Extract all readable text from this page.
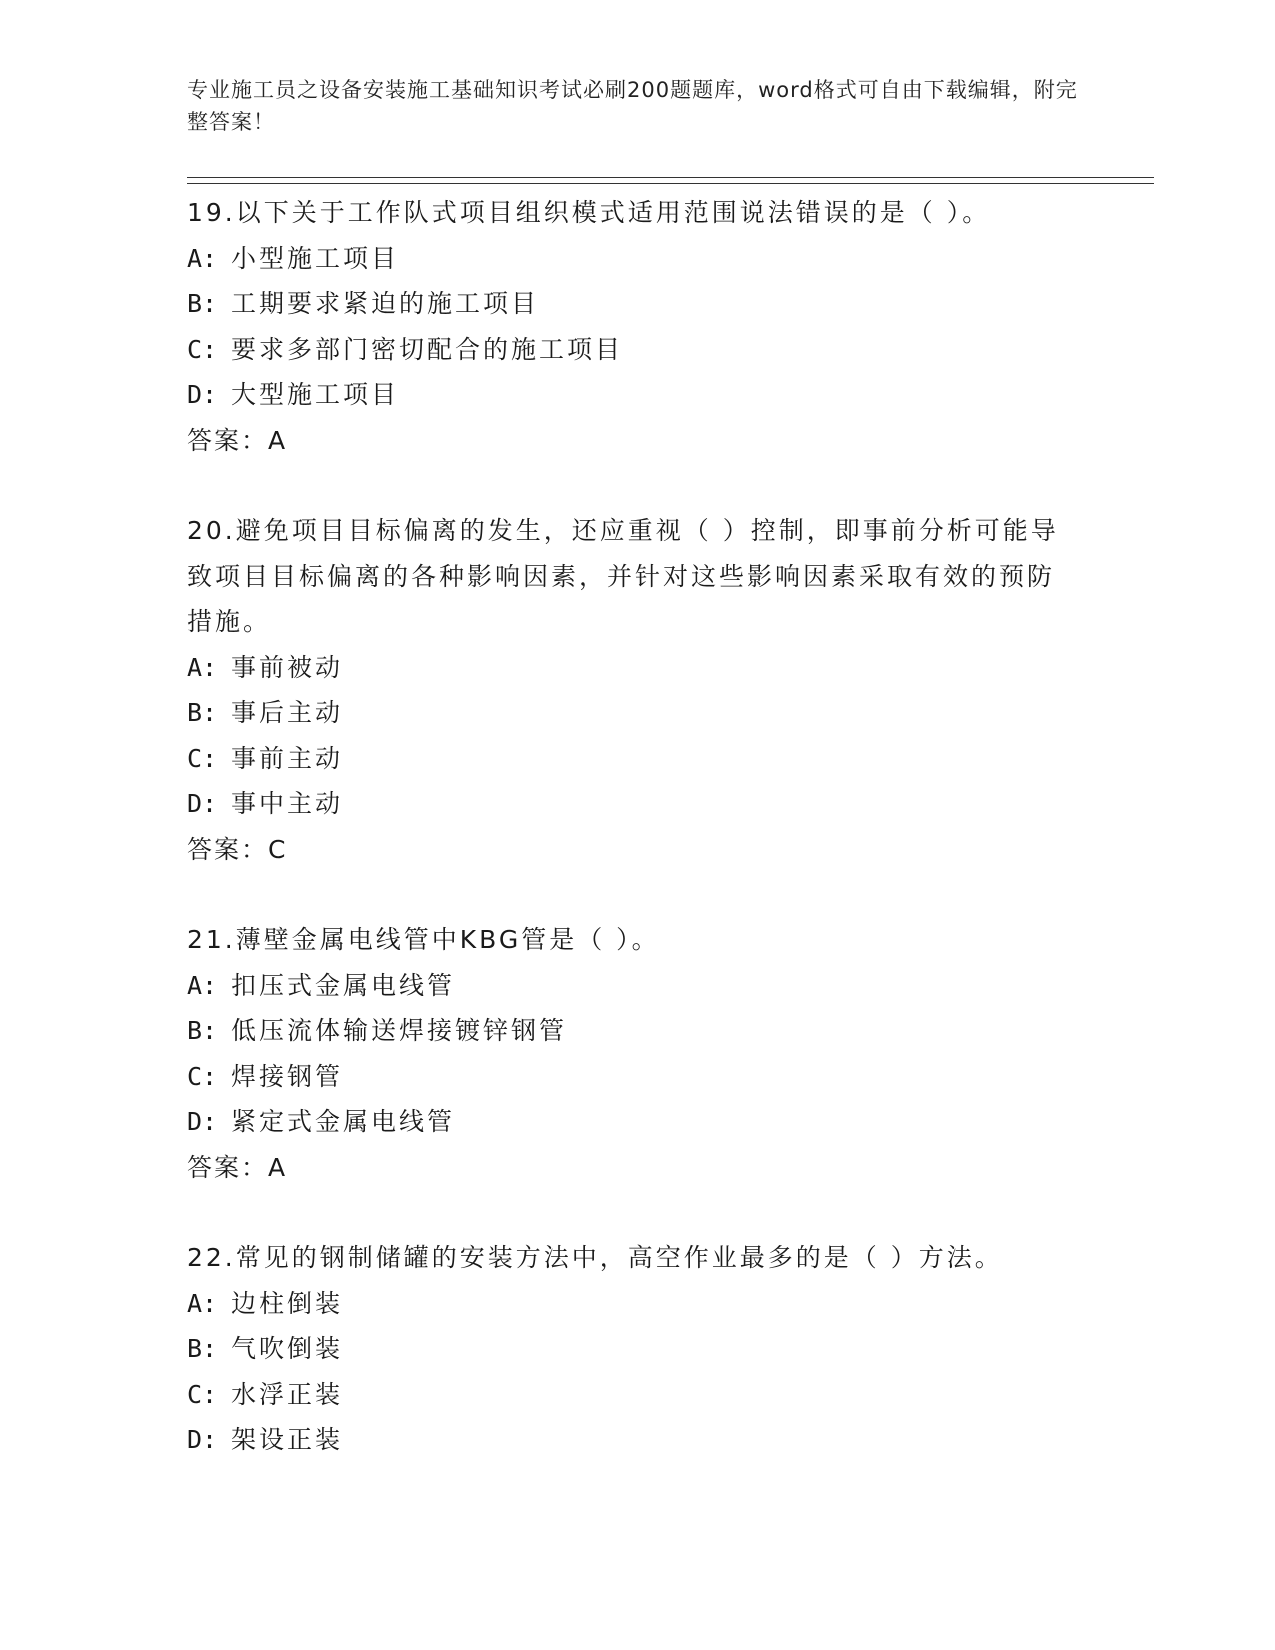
专业施工员之设备安装施工基础知识考试必刷200题题库，word格式可自由下载编辑，附完整答案！
19.以下关于工作队式项目组织模式适用范围说法错误的是（ ）。
A: 小型施工项目
B: 工期要求紧迫的施工项目
C: 要求多部门密切配合的施工项目
D: 大型施工项目
答案：A
20.避免项目目标偏离的发生，还应重视（ ）控制，即事前分析可能导致项目目标偏离的各种影响因素，并针对这些影响因素采取有效的预防措施。
A: 事前被动
B: 事后主动
C: 事前主动
D: 事中主动
答案：C
21.薄壁金属电线管中KBG管是（ ）。
A: 扣压式金属电线管
B: 低压流体输送焊接镀锌钢管
C: 焊接钢管
D: 紧定式金属电线管
答案：A
22.常见的钢制储罐的安装方法中，高空作业最多的是（ ）方法。
A: 边柱倒装
B: 气吹倒装
C: 水浮正装
D: 架设正装
